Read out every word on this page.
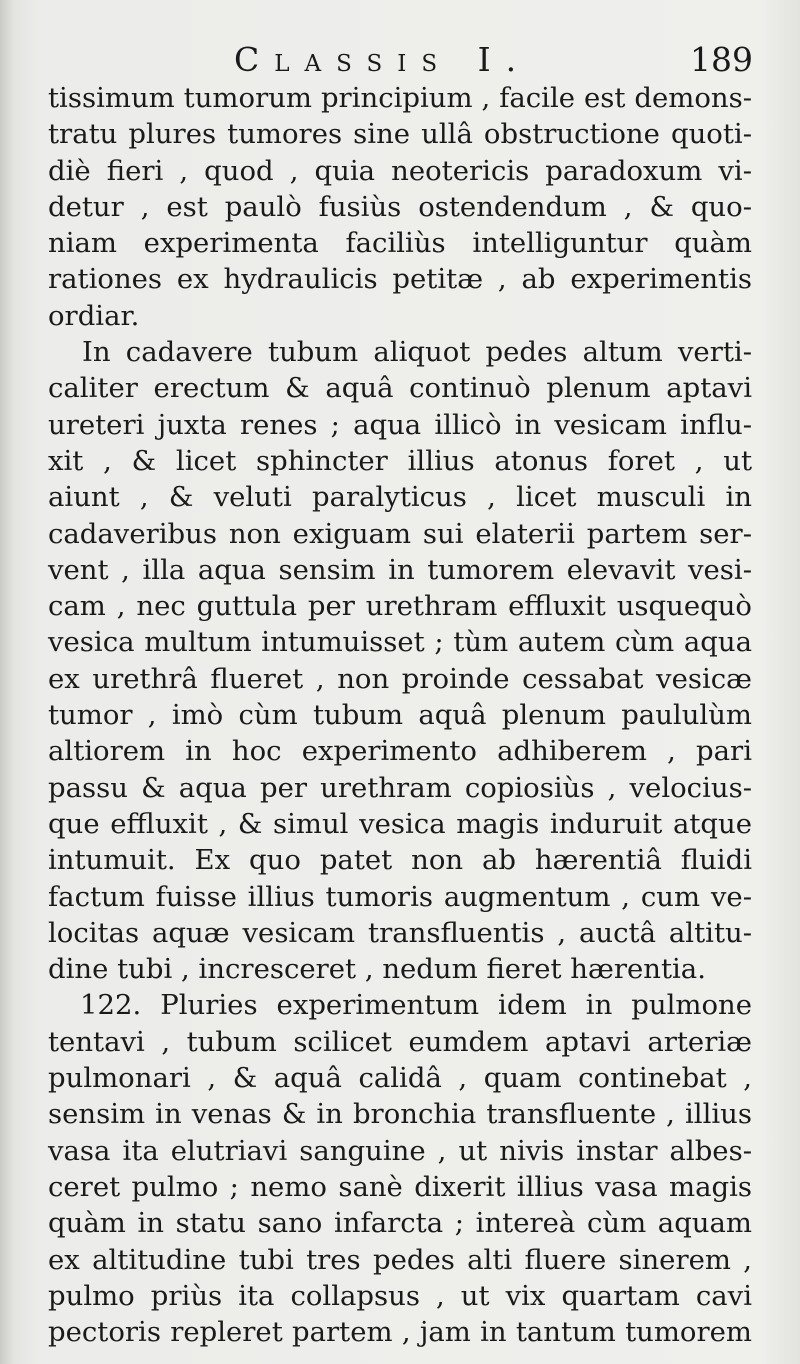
Classis I.	189
tissimum tumorum principium , facile est demons-
tratu plures tumores sine ullâ obstructione quoti-
diè fieri , quod , quia neotericis paradoxum vi-
detur , est paulò fusiùs ostendendum , & quo-
niam experimenta faciliùs intelliguntur quàm
rationes ex hydraulicis petitæ , ab experimentis
ordiar.
In cadavere tubum aliquot pedes altum verti-
caliter erectum & aquâ continuò plenum aptavi
ureteri juxta renes ; aqua illicò in vesicam influ-
xit , & licet sphincter illius atonus foret , ut
aiunt , & veluti paralyticus , licet musculi in
cadaveribus non exiguam sui elaterii partem ser-
vent , illa aqua sensim in tumorem elevavit vesi-
cam , nec guttula per urethram effluxit usquequò
vesica multum intumuisset ; tùm autem cùm aqua
ex urethrâ flueret , non proinde cessabat vesicæ
tumor , imò cùm tubum aquâ plenum paululùm
altiorem in hoc experimento adhiberem , pari
passu & aqua per urethram copiosiùs , velocius-
que effluxit , & simul vesica magis induruit atque
intumuit. Ex quo patet non ab hærentiâ fluidi
factum fuisse illius tumoris augmentum , cum ve-
locitas aquæ vesicam transfluentis , auctâ altitu-
dine tubi , incresceret , nedum fieret hærentia.
122. Pluries experimentum idem in pulmone
tentavi , tubum scilicet eumdem aptavi arteriæ
pulmonari , & aquâ calidâ , quam continebat ,
sensim in venas & in bronchia transfluente , illius
vasa ita elutriavi sanguine , ut nivis instar albes-
ceret pulmo ; nemo sanè dixerit illius vasa magis
quàm in statu sano infarcta ; intereà cùm aquam
ex altitudine tubi tres pedes alti fluere sinerem ,
pulmo priùs ita collapsus , ut vix quartam cavi
pectoris repleret partem , jam in tantum tumorem
